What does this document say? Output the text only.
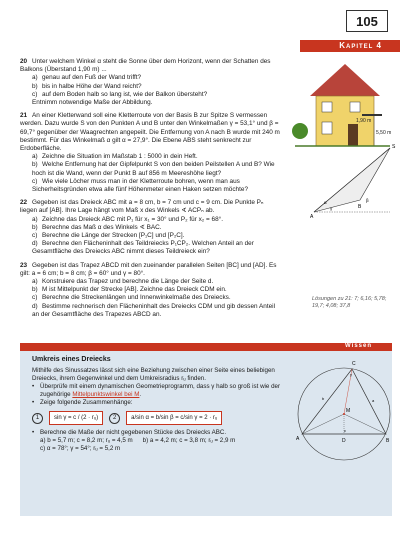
105
Kapitel 4
1,90 m
5,50 m
A
B
S
γ
β
α
20 Unter welchem Winkel α steht die Sonne über dem Horizont, wenn der Schatten des Balkons (Überstand 1,90 m) ...
a) genau auf den Fuß der Wand trifft?
b) bis in halbe Höhe der Wand reicht?
c) auf dem Boden halb so lang ist, wie der Balkon übersteht?
Entnimm notwendige Maße der Abbildung.
21 An einer Kletterwand soll eine Kletterroute von der Basis B zur Spitze S vermessen werden. Dazu wurde S von den Punkten A und B unter den Winkelmaßen γ = 53,1° und β = 69,7° gegenüber der Waagrechten angepeilt. Die Entfernung von A nach B wurde mit 240 m bestimmt. Für das Winkelmaß α gilt α = 27,9°. Die Ebene ABS steht senkrecht zur Erdoberfläche.
a) Zeichne die Situation im Maßstab 1 : 5000 in dein Heft.
b) Welche Entfernung hat der Gipfelpunkt S von den beiden Peilstellen A und B? Wie hoch ist die Wand, wenn der Punkt B auf 856 m Meereshöhe liegt?
c) Wie viele Löcher muss man in der Kletterroute bohren, wenn man aus Sicherheitsgründen etwa alle fünf Höhenmeter einen Haken setzen möchte?
22 Gegeben ist das Dreieck ABC mit a = 8 cm, b = 7 cm und c = 9 cm. Die Punkte Pₙ liegen auf [AB]. Ihre Lage hängt vom Maß x des Winkels ∢ ACPₙ ab.
a) Zeichne das Dreieck ABC mit P₁ für x₁ = 30° und P₂ für x₂ = 68°.
b) Berechne das Maß α des Winkels ∢ BAC.
c) Berechne die Länge der Strecken [P₁C] und [P₂C].
d) Berechne den Flächeninhalt des Teildreiecks P₁CP₂. Welchen Anteil an der Gesamtfläche des Dreiecks ABC nimmt dieses Teildreieck ein?
23 Gegeben ist das Trapez ABCD mit den zueinander parallelen Seiten [BC] und [AD]. Es gilt: a = 6 cm; b = 8 cm; β = 60° und γ = 80°.
a) Konstruiere das Trapez und berechne die Länge der Seite d.
b) M ist Mittelpunkt der Strecke [AB]. Zeichne das Dreieck CDM ein.
c) Berechne die Streckenlängen und Innenwinkelmaße des Dreiecks.
d) Bestimme rechnerisch den Flächeninhalt des Dreiecks CDM und gib dessen Anteil an der Gesamtfläche des Trapezes ABCD an.
Lösungen zu 21: 7; 6,16; 5,78; 19,7; 4,08; 37,8
Wissen
Umkreis eines Dreiecks
Mithilfe des Sinussatzes lässt sich eine Beziehung zwischen einer Seite eines beliebigen Dreiecks, ihrem Gegenwinkel und dem Umkreisradius rᵤ finden.
• Überprüfe mit einem dynamischen Geometrieprogramm, dass γ halb so groß ist wie der zugehörige Mittelpunktswinkel bei M.
• Zeige folgende Zusammenhänge:
1	sin γ = c / (2 · rᵤ)	2	a/sin α = b/sin β = c/sin γ = 2 · rᵤ
• Berechne die Maße der nicht gegebenen Stücke des Dreiecks ABC.
a) b = 5,7 m; c = 8,2 m; rᵤ = 4,5 m b) a = 4,2 m; c = 3,8 m; rᵤ = 2,9 m
c) α = 78°; γ = 54°; rᵤ = 5,2 m
A	B
C
M
D
c
a
b
γ
